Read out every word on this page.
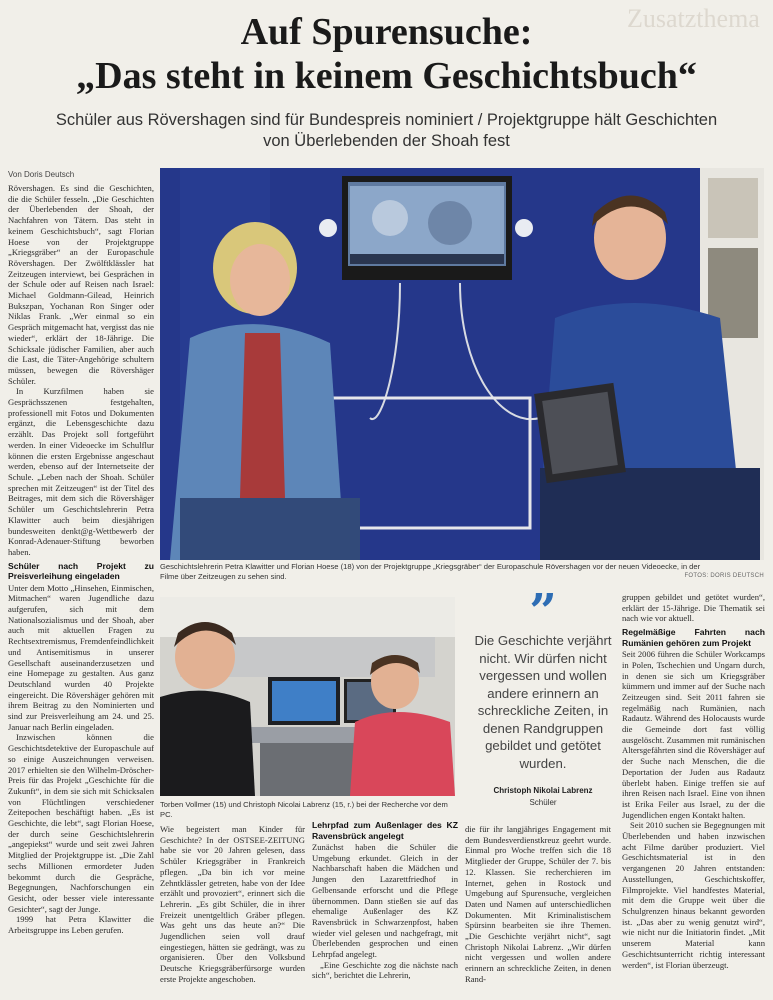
Zusatzthema
Auf Spurensuche:
„Das steht in keinem Geschichtsbuch“
Schüler aus Rövershagen sind für Bundespreis nominiert / Projektgruppe hält Geschichten
von Überlebenden der Shoah fest
Von Doris Deutsch

Rövershagen. Es sind die Geschichten, die die Schüler fesseln. „Die Geschichten der Überlebenden der Shoah, der Nachfahren von Tätern. Das steht in keinem Geschichtsbuch“, sagt Florian Hoese von der Projektgruppe „Kriegsgräber“ an der Europaschule Rövershagen. Der Zwölftklässler hat Zeitzeugen interviewt, bei Gesprächen in der Schule oder auf Reisen nach Israel: Michael Goldmann-Gilead, Heinrich Bukszpan, Yochanan Ron Singer oder Niklas Frank. „Wer einmal so ein Gespräch mitgemacht hat, vergisst das nie wieder“, erklärt der 18-Jährige. Die Schicksale jüdischer Familien, aber auch die Last, die Täter-Angehörige schultern müssen, bewegen die Rövershäger Schüler.

In Kurzfilmen haben sie Gesprächsszenen festgehalten, professionell mit Fotos und Dokumenten ergänzt, die Lebensgeschichte dazu erzählt. Das Projekt soll fortgeführt werden. In einer Videoecke im Schulflur können die ersten Ergebnisse angeschaut werden, ebenso auf der Internetseite der Schule. „Leben nach der Shoah. Schüler sprechen mit Zeitzeugen“ ist der Titel des Beitrages, mit dem sich die Rövershäger Schüler um Geschichtslehrerin Petra Klawitter auch beim diesjährigen bundesweiten denkt@g-Wettbewerb der Konrad-Adenauer-Stiftung beworben haben.

Schüler nach Projekt zu Preisverleihung eingeladen

Unter dem Motto „Hinsehen, Einmischen, Mitmachen“ waren Jugendliche dazu aufgerufen, sich mit dem Nationalsozialismus und der Shoah, aber auch mit aktuellen Fragen zu Rechtsextremismus, Fremdenfeindlichkeit und Antisemitismus in unserer Gesellschaft auseinanderzusetzen und eine Homepage zu gestalten. Aus ganz Deutschland wurden 40 Projekte eingereicht. Die Rövershäger gehören mit ihrem Beitrag zu den Nominierten und sind zur Preisverleihung am 24. und 25. Januar nach Berlin eingeladen.

Inzwischen können die Geschichtsdetektive der Europaschule auf so einige Auszeichnungen verweisen. 2017 erhielten sie den Wilhelm-Dröscher-Preis für das Projekt „Geschichte für die Zukunft“, in dem sie sich mit Schicksalen von Flüchtlingen verschiedener Zeitepochen beschäftigt haben. „Es ist Geschichte, die lebt“, sagt Florian Hoese, der durch seine Geschichtslehrerin „angepiekst“ wurde und seit zwei Jahren Mitglied der Projektgruppe ist. „Die Zahl sechs Millionen ermordeter Juden bekommt durch die Gespräche, Begegnungen, Nachforschungen ein Gesicht, oder besser viele interessante Gesichter“, sagt der Junge.

1999 hat Petra Klawitter die Arbeitsgruppe ins Leben gerufen.

Geschichtslehrerin Petra Klawitter und Florian Hoese (18) von der Projektgruppe „Kriegsgräber“ der Europaschule Rövershagen vor der neuen Videoecke, in der Filme über Zeitzeugen zu sehen sind.	FOTOS: DORIS DEUTSCH
Torben Vollmer (15) und Christoph Nicolai Labrenz (15, r.) bei der Recherche vor dem PC.

Wie begeistert man Kinder für Geschichte? In der OSTSEE-ZEITUNG habe sie vor 20 Jahren gelesen, dass Schüler Kriegsgräber in Frankreich pflegen. „Da bin ich vor meine Zehntklässler getreten, habe von der Idee erzählt und provoziert“, erinnert sich die Lehrerin. „Es gibt Schüler, die in ihrer Freizeit unentgeltlich Gräber pflegen. Was geht uns das heute an?“ Die Jugendlichen seien voll drauf eingestiegen, hätten sie gedrängt, was zu organisieren. Über den Volksbund Deutsche Kriegsgräberfürsorge wurden erste Projekte angeschoben.

Lehrpfad zum Außenlager des KZ Ravensbrück angelegt

Zunächst haben die Schüler die Umgebung erkundet. Gleich in der Nachbarschaft haben die Mädchen und Jungen den Lazarettfriedhof in Gelbensande erforscht und die Pflege übernommen. Dann stießen sie auf das ehemalige Außenlager des KZ Ravensbrück in Schwarzenpfost, haben wieder viel gelesen und nachgefragt, mit Überlebenden gesprochen und einen Lehrpfad angelegt.

„Eine Geschichte zog die nächste nach sich“, berichtet die Lehrerin,

”
Die Geschichte verjährt nicht. Wir dürfen nicht vergessen und wollen andere erinnern an schreckliche Zeiten, in denen Randgruppen gebildet und getötet wurden.
Christoph Nikolai Labrenz
Schüler

die für ihr langjähriges Engagement mit dem Bundesverdienstkreuz geehrt wurde. Einmal pro Woche treffen sich die 18 Mitglieder der Gruppe, Schüler der 7. bis 12. Klassen. Sie recherchieren im Internet, gehen in Rostock und Umgebung auf Spurensuche, vergleichen Daten und Namen auf unterschiedlichen Dokumenten. Mit Kriminalistischem Spürsinn bearbeiten sie ihre Themen. „Die Geschichte verjährt nicht“, sagt Christoph Nikolai Labrenz. „Wir dürfen nicht vergessen und wollen andere erinnern an schreckliche Zeiten, in denen Rand-

gruppen gebildet und getötet wurden“, erklärt der 15-Jährige. Die Thematik sei nach wie vor aktuell.

Regelmäßige Fahrten nach Rumänien gehören zum Projekt

Seit 2006 führen die Schüler Workcamps in Polen, Tschechien und Ungarn durch, in denen sie sich um Kriegsgräber kümmern und immer auf der Suche nach Zeitzeugen sind. Seit 2011 fahren sie regelmäßig nach Rumänien, nach Radautz. Während des Holocausts wurde die Gemeinde dort fast völlig ausgelöscht. Zusammen mit rumänischen Altersgefährten sind die Rövershäger auf der Suche nach Menschen, die die Deportation der Juden aus Radautz überlebt haben. Einige treffen sie auf ihren Reisen nach Israel. Eine von ihnen ist Erika Feiler aus Israel, zu der die Jugendlichen engen Kontakt halten.

Seit 2010 suchen sie Begegnungen mit Überlebenden und haben inzwischen acht Filme darüber produziert. Viel Geschichtsmaterial ist in den vergangenen 20 Jahren entstanden: Ausstellungen, Geschichtskoffer, Filmprojekte. Viel handfestes Material, mit dem die Gruppe weit über die Schulgrenzen hinaus bekannt geworden ist. „Das aber zu wenig genutzt wird“, wie nicht nur die Initiatorin findet. „Mit unserem Material kann Geschichtsunterricht richtig interessant werden“, ist Florian überzeugt.
